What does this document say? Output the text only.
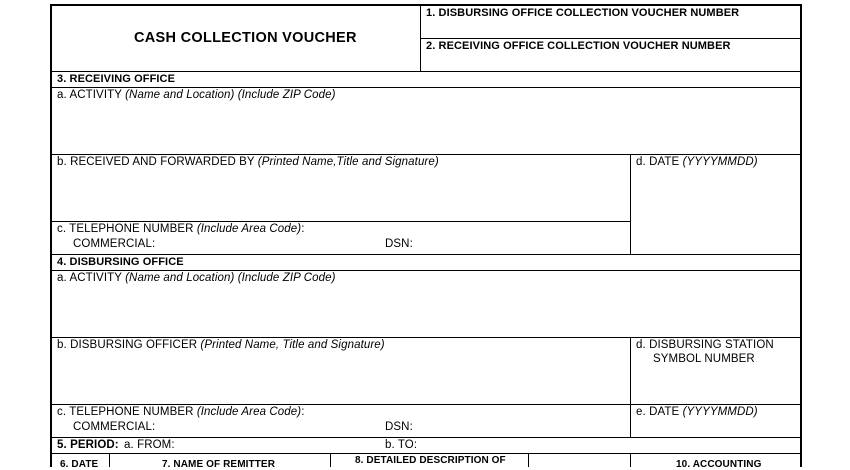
CASH COLLECTION VOUCHER
1. DISBURSING OFFICE COLLECTION VOUCHER NUMBER
2. RECEIVING OFFICE COLLECTION VOUCHER NUMBER
3. RECEIVING OFFICE
a. ACTIVITY (Name and Location) (Include ZIP Code)
b. RECEIVED AND FORWARDED BY (Printed Name,Title and Signature)	d. DATE (YYYYMMDD)
c. TELEPHONE NUMBER (Include Area Code):
COMMERCIAL:	DSN:
4. DISBURSING OFFICE
a. ACTIVITY (Name and Location) (Include ZIP Code)
b. DISBURSING OFFICER (Printed Name, Title and Signature)	d. DISBURSING STATION
SYMBOL NUMBER
c. TELEPHONE NUMBER (Include Area Code):
COMMERCIAL:	DSN:
e. DATE (YYYYMMDD)
5. PERIOD: a. FROM:	b. TO:
6. DATE	7. NAME OF REMITTER	8. DETAILED DESCRIPTION OF	10. ACCOUNTING
